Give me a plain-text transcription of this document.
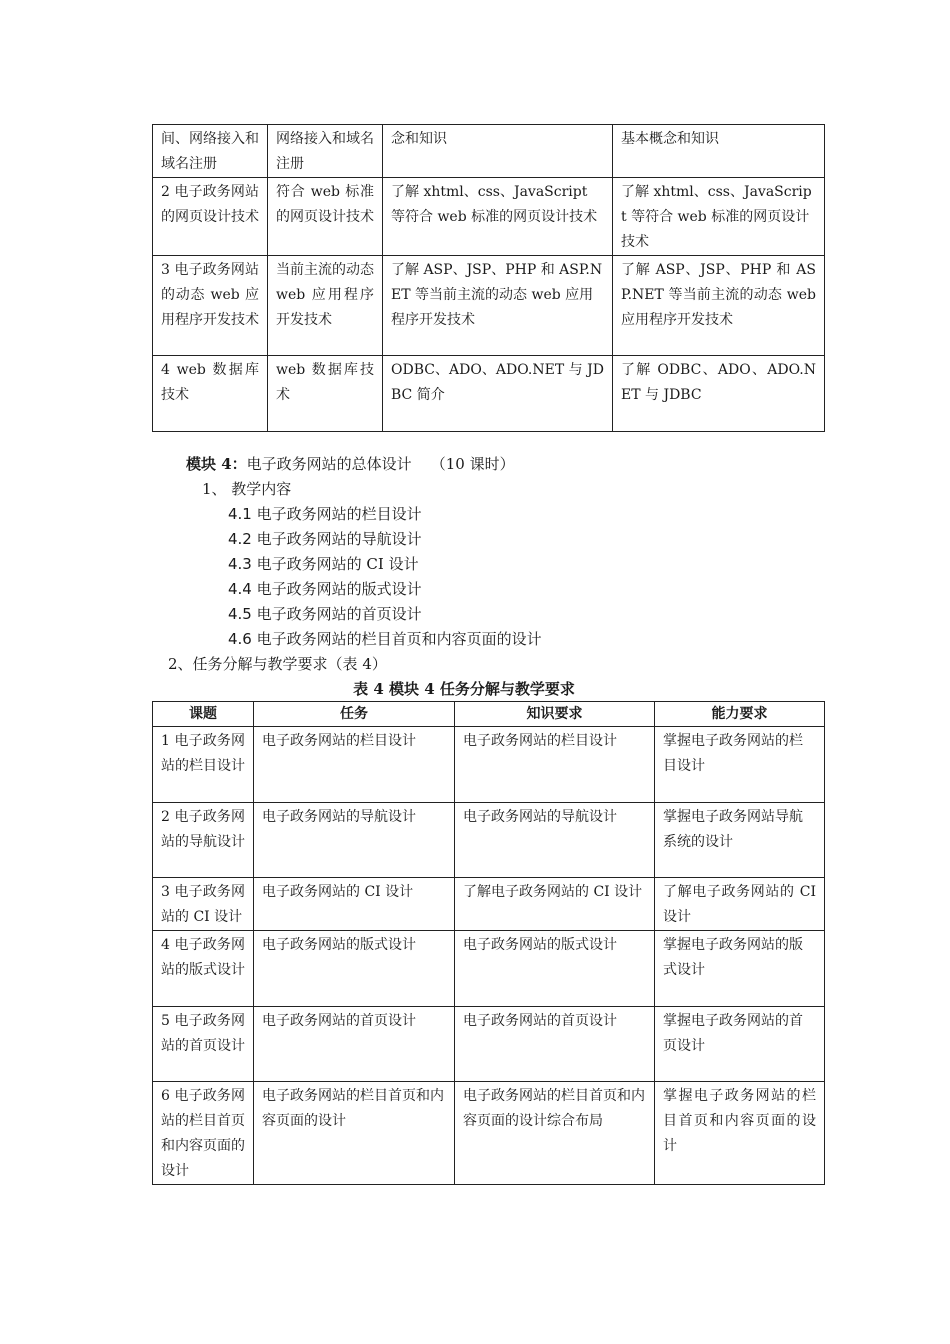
间、网络接入和域名注册	网络接入和域名注册	念和知识	基本概念和知识
2 电子政务网站的网页设计技术	符合 web 标准的网页设计技术	了解 xhtml、css、JavaScript 等符合 web 标准的网页设计技术	了解 xhtml、css、JavaScript 等符合 web 标准的网页设计技术
3 电子政务网站的动态 web 应用程序开发技术	当前主流的动态 web 应用程序开发技术	了解 ASP、JSP、PHP 和 ASP.NET 等当前主流的动态 web 应用程序开发技术	了解 ASP、JSP、PHP 和 ASP.NET 等当前主流的动态 web 应用程序开发技术
4 web 数据库技术	web 数据库技术	ODBC、ADO、ADO.NET 与 JDBC 简介	了解 ODBC、ADO、ADO.NET 与 JDBC
模块 4：电子政务网站的总体设计 （10 课时）
1、 教学内容
4.1 电子政务网站的栏目设计
4.2 电子政务网站的导航设计
4.3 电子政务网站的 CI 设计
4.4 电子政务网站的版式设计
4.5 电子政务网站的首页设计
4.6 电子政务网站的栏目首页和内容页面的设计
2、任务分解与教学要求（表 4）
表 4 模块 4 任务分解与教学要求
课题	任务	知识要求	能力要求
1 电子政务网站的栏目设计	电子政务网站的栏目设计	电子政务网站的栏目设计	掌握电子政务网站的栏目设计
2 电子政务网站的导航设计	电子政务网站的导航设计	电子政务网站的导航设计	掌握电子政务网站导航系统的设计
3 电子政务网站的 CI 设计	电子政务网站的 CI 设计	了解电子政务网站的 CI 设计	了解电子政务网站的 CI 设计
4 电子政务网站的版式设计	电子政务网站的版式设计	电子政务网站的版式设计	掌握电子政务网站的版式设计
5 电子政务网站的首页设计	电子政务网站的首页设计	电子政务网站的首页设计	掌握电子政务网站的首页设计
6 电子政务网站的栏目首页和内容页面的设计	电子政务网站的栏目首页和内容页面的设计	电子政务网站的栏目首页和内容页面的设计综合布局	掌握电子政务网站的栏目首页和内容页面的设计
